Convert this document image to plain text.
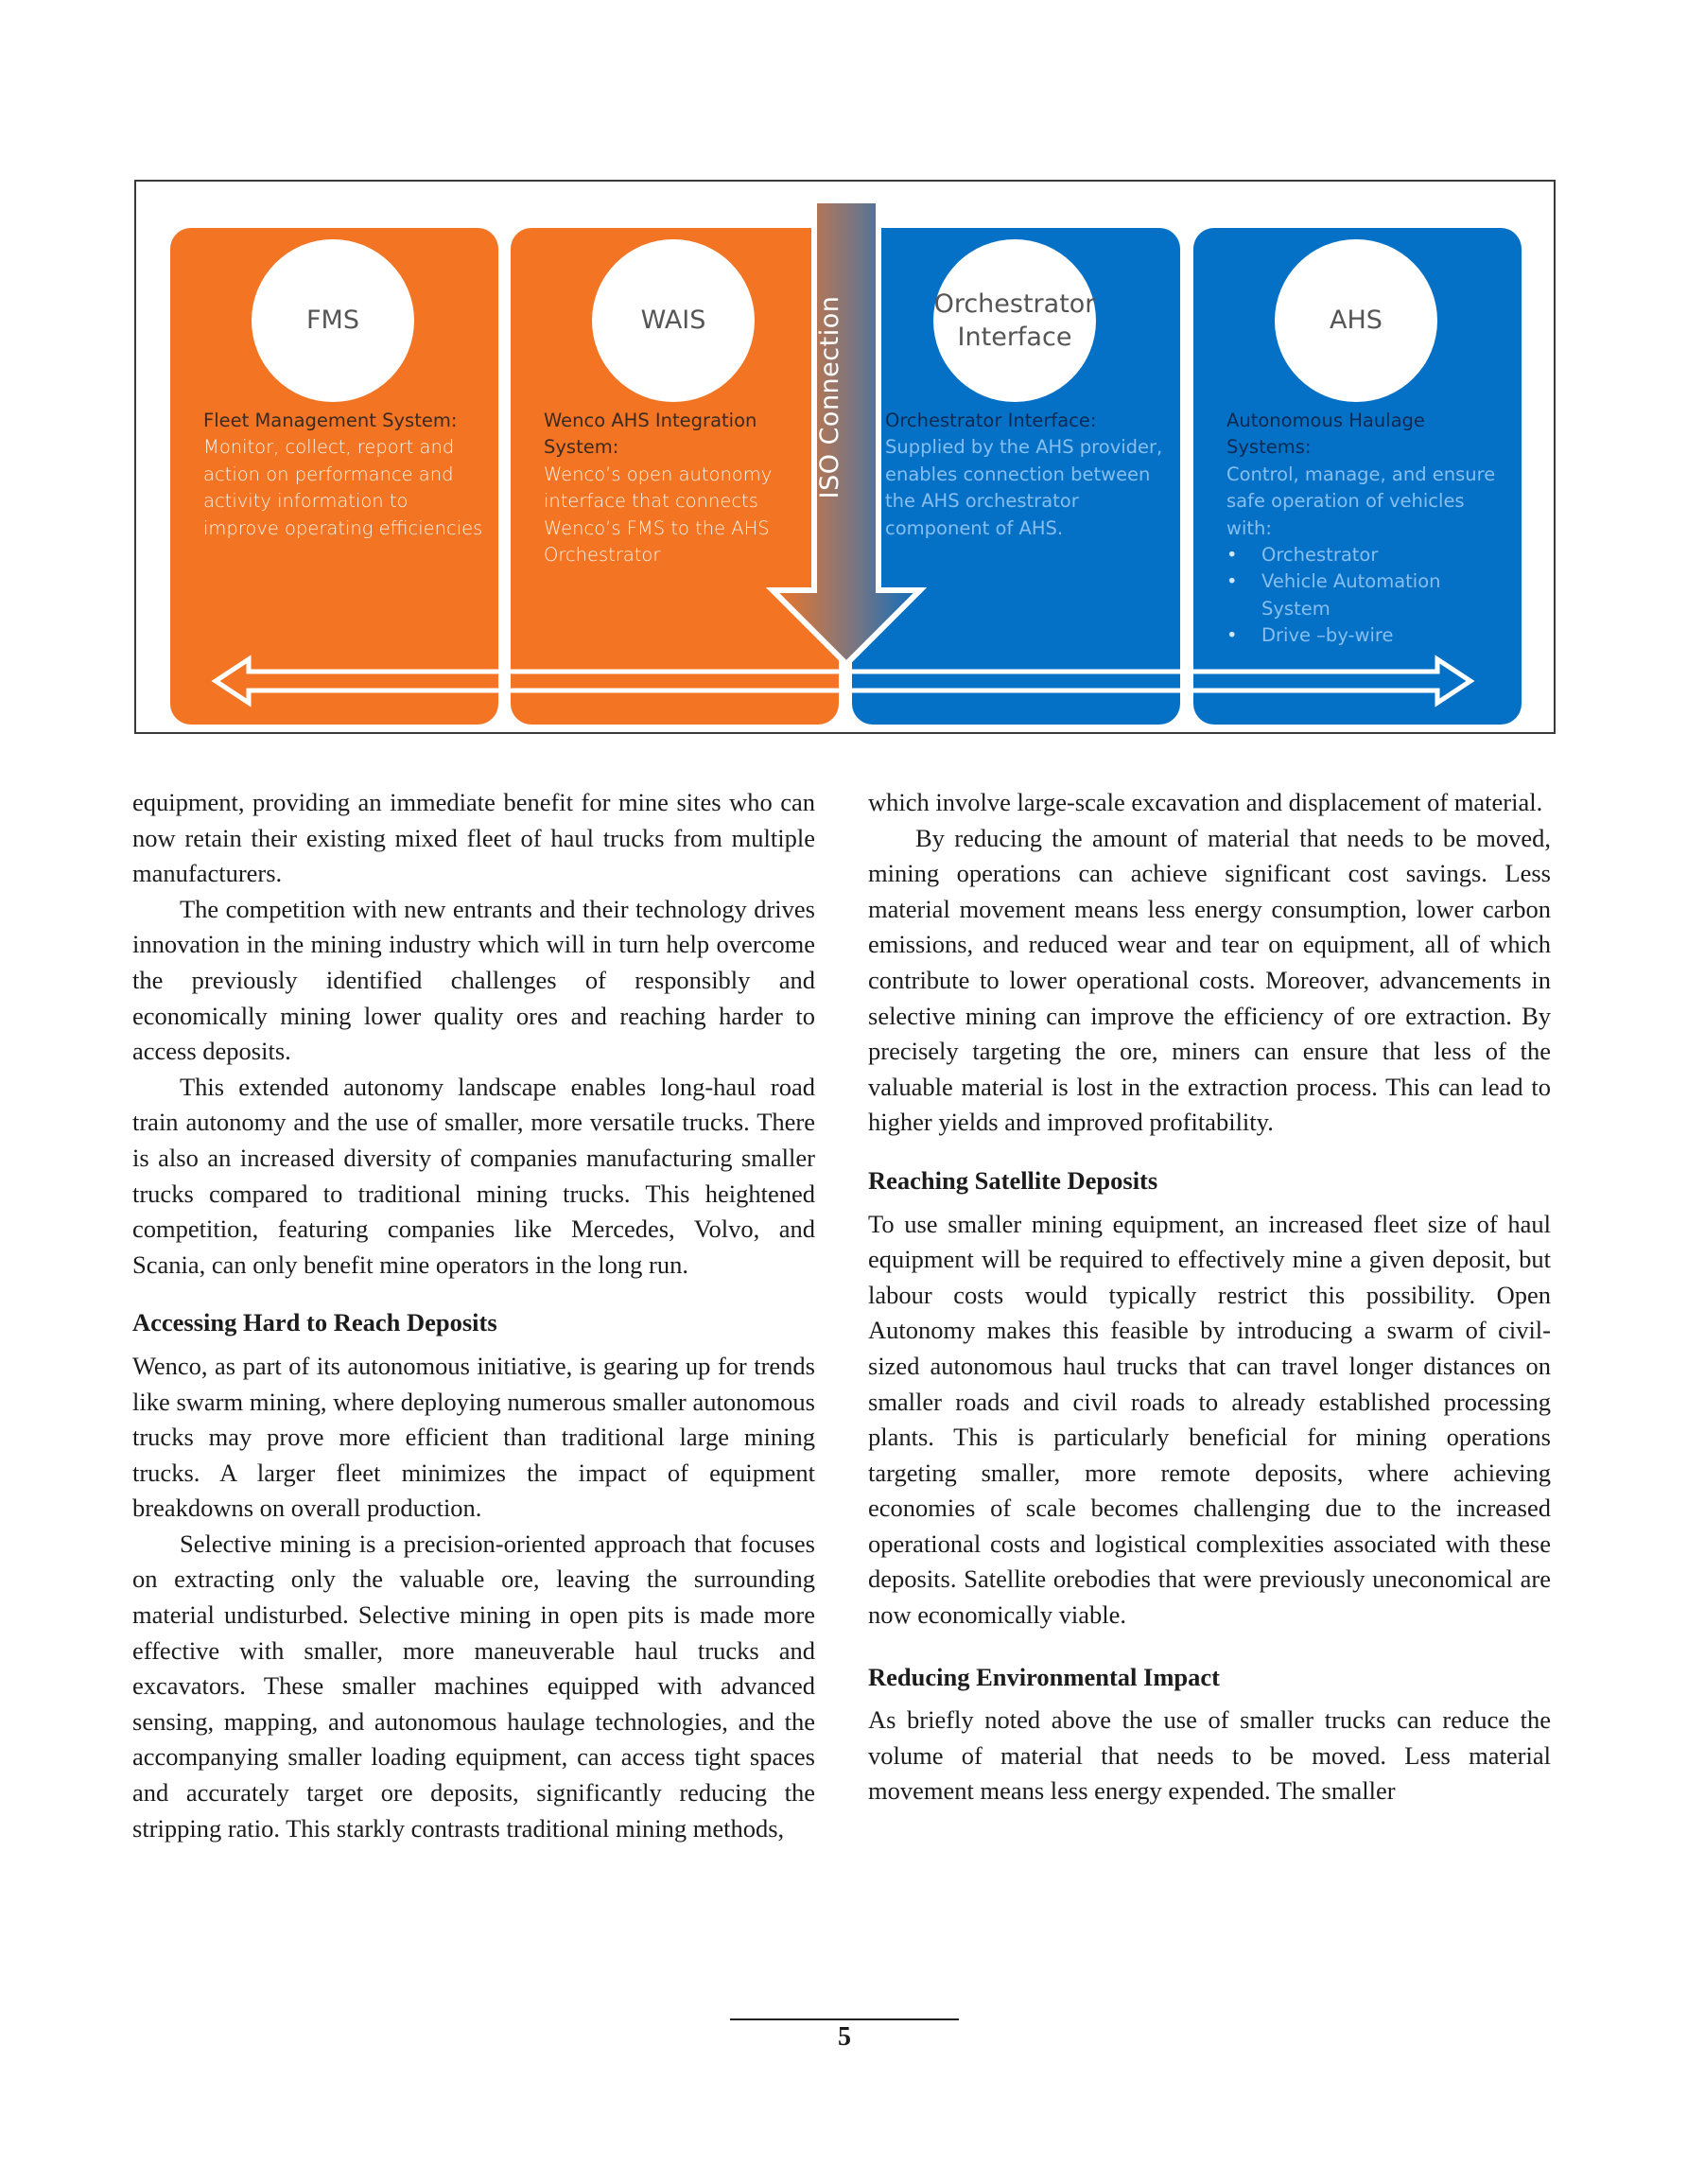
FMS
Fleet Management System:
Monitor, collect, report and action on performance and activity information to improve operating efficiencies
WAIS
Wenco AHS Integration System:
Wenco’s open autonomy interface that connects Wenco’s FMS to the AHS Orchestrator
Orchestrator
Interface
Orchestrator Interface:
Supplied by the AHS provider, enables connection between the AHS orchestrator component of AHS.
AHS
Autonomous Haulage Systems:
Control, manage, and ensure safe operation of vehicles with:
• Orchestrator
• Vehicle Automation System
• Drive –by-wire
ISO Connection

equipment, providing an immediate benefit for mine sites who can now retain their existing mixed fleet of haul trucks from multiple manufacturers.

The competition with new entrants and their technology drives innovation in the mining industry which will in turn help overcome the previously identified challenges of responsibly and economically mining lower quality ores and reaching harder to access deposits.

This extended autonomy landscape enables long-haul road train autonomy and the use of smaller, more versatile trucks. There is also an increased diversity of companies manufacturing smaller trucks compared to traditional mining trucks. This heightened competition, featuring companies like Mercedes, Volvo, and Scania, can only benefit mine operators in the long run.

Accessing Hard to Reach Deposits

Wenco, as part of its autonomous initiative, is gearing up for trends like swarm mining, where deploying numerous smaller autonomous trucks may prove more efficient than traditional large mining trucks. A larger fleet minimizes the impact of equipment breakdowns on overall production.

Selective mining is a precision-oriented approach that focuses on extracting only the valuable ore, leaving the surrounding material undisturbed. Selective mining in open pits is made more effective with smaller, more maneuverable haul trucks and excavators. These smaller machines equipped with advanced sensing, mapping, and autonomous haulage technologies, and the accompanying smaller loading equipment, can access tight spaces and accurately target ore deposits, significantly reducing the stripping ratio. This starkly contrasts traditional mining methods,

which involve large-scale excavation and displacement of material.

By reducing the amount of material that needs to be moved, mining operations can achieve significant cost savings. Less material movement means less energy consumption, lower carbon emissions, and reduced wear and tear on equipment, all of which contribute to lower operational costs. Moreover, advancements in selective mining can improve the efficiency of ore extraction. By precisely targeting the ore, miners can ensure that less of the valuable material is lost in the extraction process. This can lead to higher yields and improved profitability.

Reaching Satellite Deposits

To use smaller mining equipment, an increased fleet size of haul equipment will be required to effectively mine a given deposit, but labour costs would typically restrict this possibility. Open Autonomy makes this feasible by introducing a swarm of civil-sized autonomous haul trucks that can travel longer distances on smaller roads and civil roads to already established processing plants. This is particularly beneficial for mining operations targeting smaller, more remote deposits, where achieving economies of scale becomes challenging due to the increased operational costs and logistical complexities associated with these deposits. Satellite orebodies that were previously uneconomical are now economically viable.

Reducing Environmental Impact

As briefly noted above the use of smaller trucks can reduce the volume of material that needs to be moved. Less material movement means less energy expended. The smaller

5
